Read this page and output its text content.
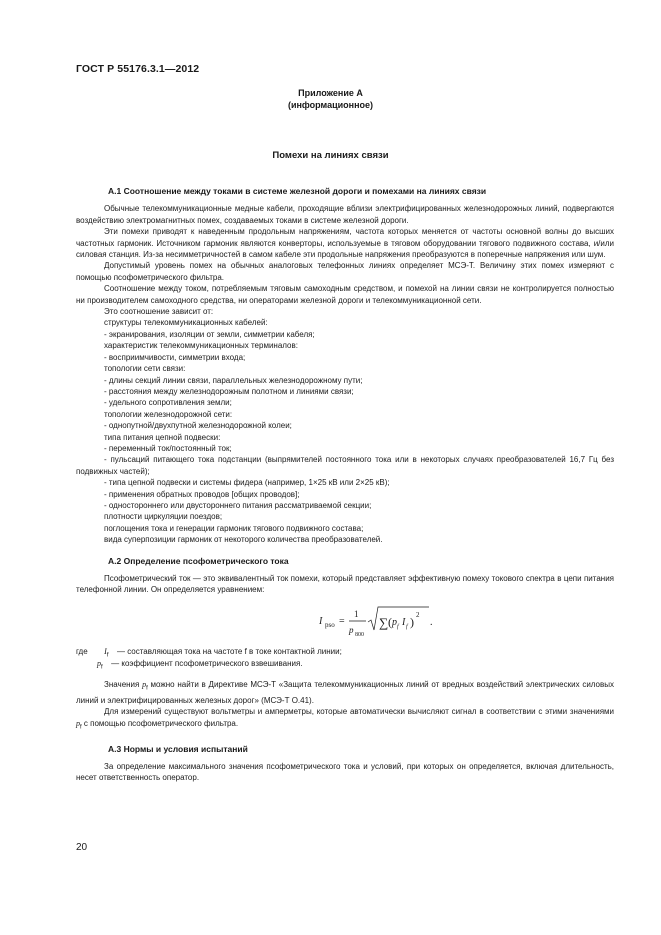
ГОСТ Р 55176.3.1—2012
Приложение А
(информационное)
Помехи на линиях связи

А.1 Соотношение между токами в системе железной дороги и помехами на линиях связи

Обычные телекоммуникационные медные кабели, проходящие вблизи электрифицированных железнодорожных линий, подвергаются воздействию электромагнитных помех, создаваемых токами в системе железной дороги.

Эти помехи приводят к наведенным продольным напряжениям, частота которых меняется от частоты основной волны до высших частотных гармоник. Источником гармоник являются конверторы, используемые в тяговом оборудовании тягового подвижного состава, и/или силовая станция. Из-за несимметричностей в самом кабеле эти продольные напряжения преобразуются в поперечные напряжения или шум.

Допустимый уровень помех на обычных аналоговых телефонных линиях определяет МСЭ-Т. Величину этих помех измеряют с помощью псофометрического фильтра.

Соотношение между током, потребляемым тяговым самоходным средством, и помехой на линии связи не контролируется полностью ни производителем самоходного средства, ни операторами железной дороги и телекоммуникационной сети.

Это соотношение зависит от:

структуры телекоммуникационных кабелей:

- экранирования, изоляции от земли, симметрии кабеля;

характеристик телекоммуникационных терминалов:

- восприимчивости, симметрии входа;

топологии сети связи:

- длины секций линии связи, параллельных железнодорожному пути;

- расстояния между железнодорожным полотном и линиями связи;

- удельного сопротивления земли;

топологии железнодорожной сети:

- однопутной/двухпутной железнодорожной колеи;

типа питания цепной подвески:

- переменный ток/постоянный ток;

- пульсаций питающего тока подстанции (выпрямителей постоянного тока или в некоторых случаях преобразователей 16,7 Гц без подвижных частей);

- типа цепной подвески и системы фидера (например, 1×25 кВ или 2×25 кВ);

- применения обратных проводов [общих проводов];

- одностороннего или двустороннего питания рассматриваемой секции;

плотности циркуляции поездов;

поглощения тока и генерации гармоник тягового подвижного состава;

вида суперпозиции гармоник от некоторого количества преобразователей.

А.2 Определение псофометрического тока

Псофометрический ток — это эквивалентный ток помехи, который представляет эффективную помеху токового спектра в цепи питания телефонной линии. Он определяется уравнением:

I pso =
1
p 800
∑ ( p f I f ) 2
.
где $I_f$ — составляющая тока на частоте f в токе контактной линии;
$p_f$ — коэффициент псофометрического взвешивания.

Значения $p_f$ можно найти в Директиве МСЭ-Т «Защита телекоммуникационных линий от вредных воздействий электрических силовых линий и электрифицированных железных дорог» (МСЭ-Т О.41).

Для измерений существуют вольтметры и амперметры, которые автоматически вычисляют сигнал в соответствии с этими значениями $p_f$ с помощью псофометрического фильтра.

А.3 Нормы и условия испытаний

За определение максимального значения псофометрического тока и условий, при которых он определяется, включая длительность, несет ответственность оператор.

20
